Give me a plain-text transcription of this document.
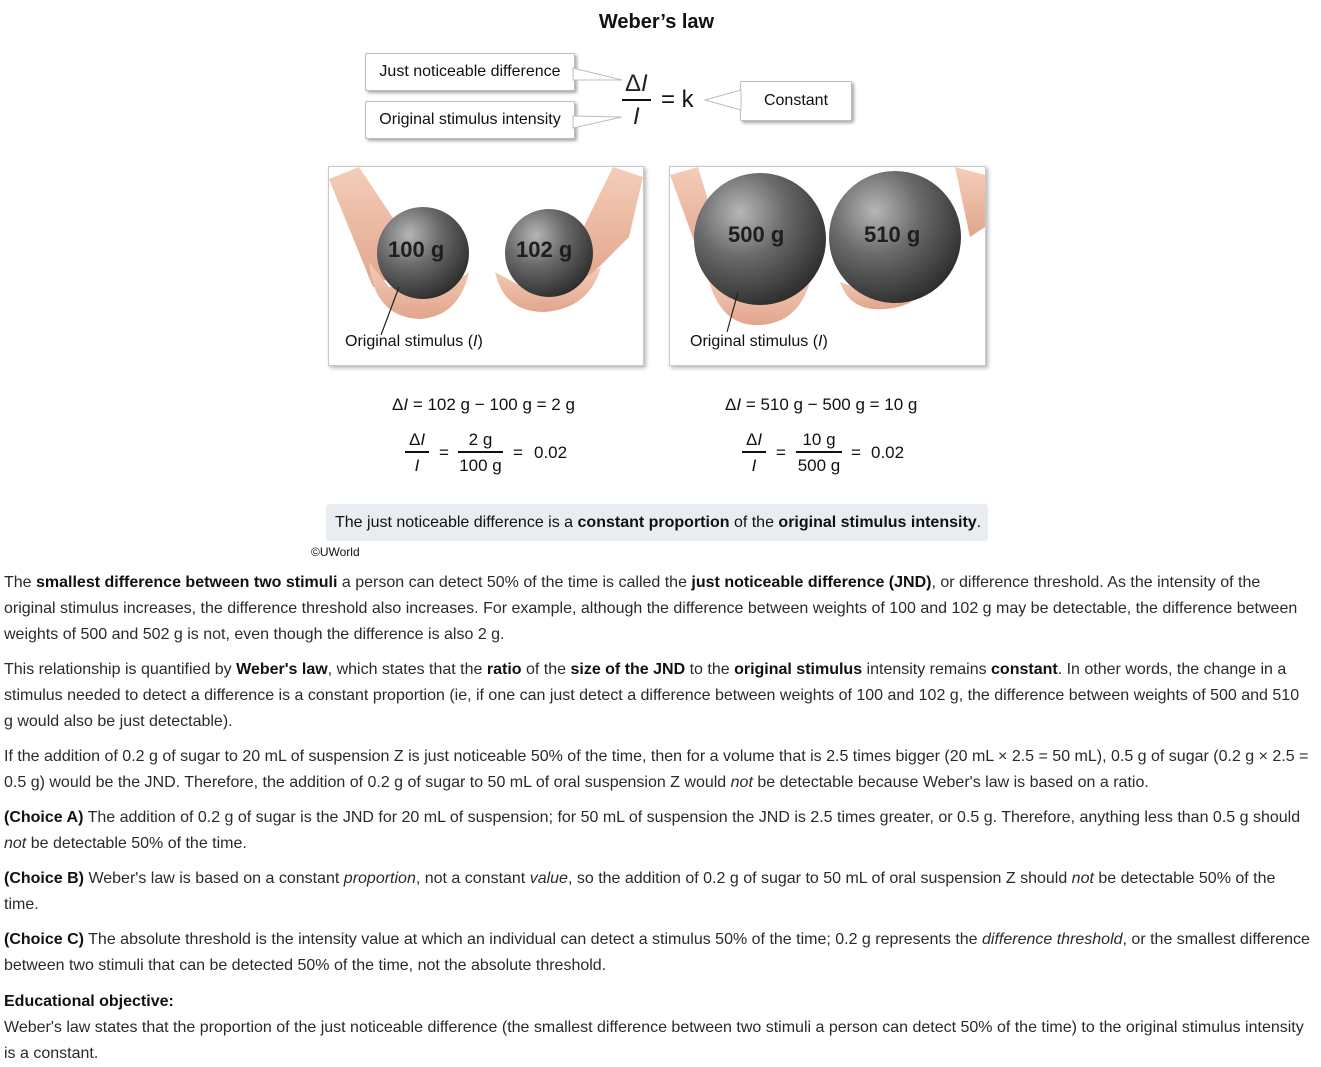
Weber’s law
Just noticeable difference
Original stimulus intensity
Constant
ΔI
I
= k
100 g	102 g
Original stimulus (I)
500 g	510 g
Original stimulus (I)
ΔI = 102 g − 100 g = 2 g
ΔI
I
=
2 g
100 g
= 0.02
ΔI = 510 g − 500 g = 10 g
ΔI
I
=
10 g
500 g
= 0.02
The just noticeable difference is a constant proportion of the original stimulus intensity.
©UWorld
The smallest difference between two stimuli a person can detect 50% of the time is called the just noticeable difference (JND), or difference threshold. As the intensity of the original stimulus increases, the difference threshold also increases. For example, although the difference between weights of 100 and 102 g may be detectable, the difference between weights of 500 and 502 g is not, even though the difference is also 2 g.
This relationship is quantified by Weber's law, which states that the ratio of the size of the JND to the original stimulus intensity remains constant. In other words, the change in a stimulus needed to detect a difference is a constant proportion (ie, if one can just detect a difference between weights of 100 and 102 g, the difference between weights of 500 and 510 g would also be just detectable).
If the addition of 0.2 g of sugar to 20 mL of suspension Z is just noticeable 50% of the time, then for a volume that is 2.5 times bigger (20 mL × 2.5 = 50 mL), 0.5 g of sugar (0.2 g × 2.5 = 0.5 g) would be the JND. Therefore, the addition of 0.2 g of sugar to 50 mL of oral suspension Z would not be detectable because Weber's law is based on a ratio.
(Choice A) The addition of 0.2 g of sugar is the JND for 20 mL of suspension; for 50 mL of suspension the JND is 2.5 times greater, or 0.5 g. Therefore, anything less than 0.5 g should not be detectable 50% of the time.
(Choice B) Weber's law is based on a constant proportion, not a constant value, so the addition of 0.2 g of sugar to 50 mL of oral suspension Z should not be detectable 50% of the time.
(Choice C) The absolute threshold is the intensity value at which an individual can detect a stimulus 50% of the time; 0.2 g represents the difference threshold, or the smallest difference between two stimuli that can be detected 50% of the time, not the absolute threshold.
Educational objective:
Weber's law states that the proportion of the just noticeable difference (the smallest difference between two stimuli a person can detect 50% of the time) to the original stimulus intensity is a constant.
